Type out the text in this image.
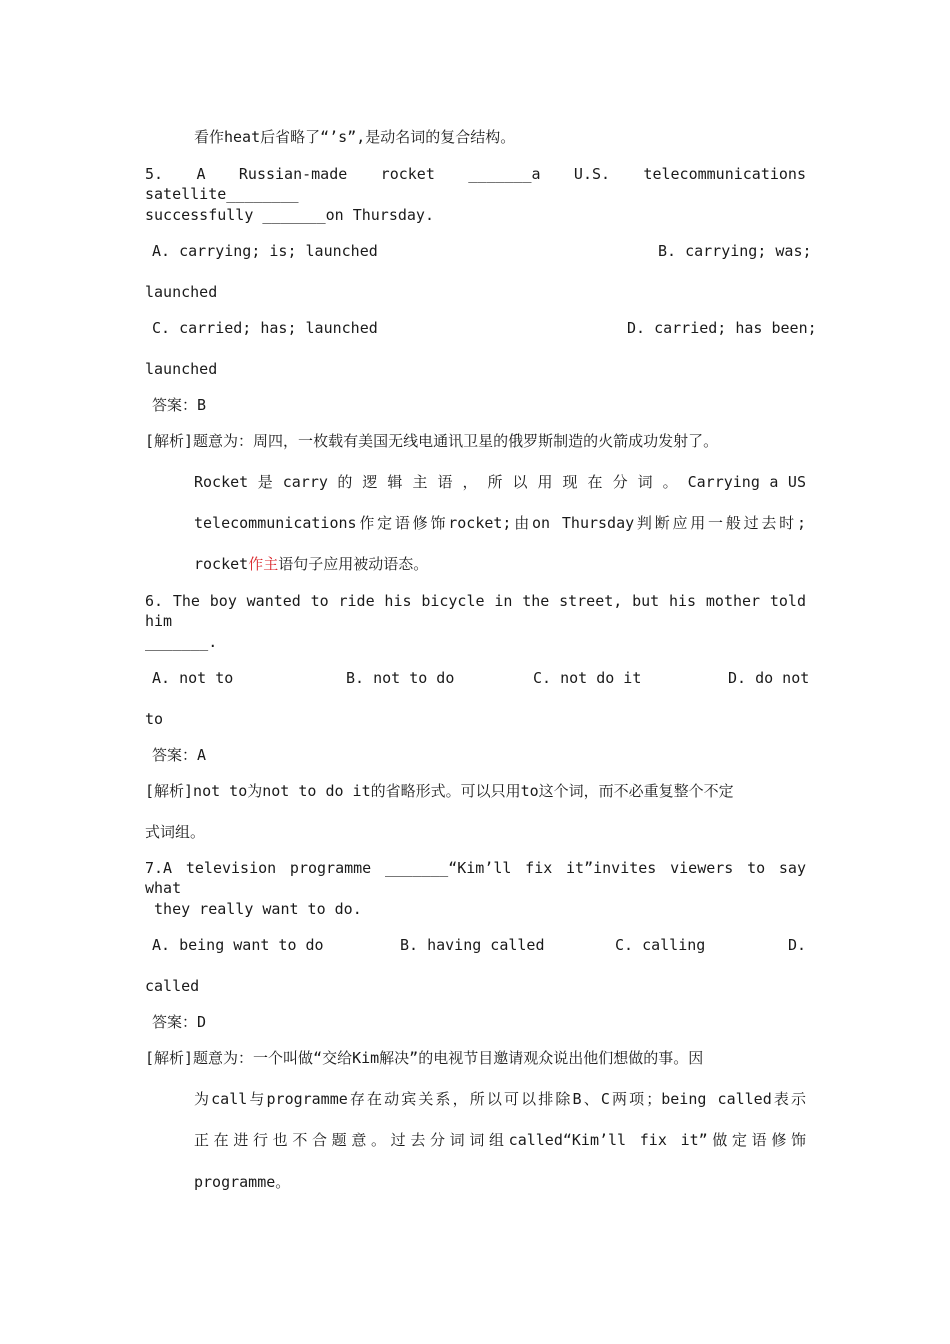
看作heat后省略了“’s”,是动名词的复合结构。
5. A Russian-made rocket _______a U.S. telecommunications satellite________
successfully _______on Thursday.
A. carrying; is; launched	B. carrying; was;
launched
C. carried; has; launched	D. carried; has been;
launched
答案：B
[解析]题意为：周四，一枚载有美国无线电通讯卫星的俄罗斯制造的火箭成功发射了。
Rocket 是 carry 的 逻 辑 主 语 ， 所 以 用 现 在 分 词 。 Carrying a US
telecommunications作定语修饰rocket;由on Thursday判断应用一般过去时;
rocket作主语句子应用被动语态。
6. The boy wanted to ride his bicycle in the street, but his mother told him
_______.
A. not to	B. not to do	C. not do it	D. do not
to
答案：A
[解析]not to为not to do it的省略形式。可以只用to这个词，而不必重复整个不定
式词组。
7.A television programme _______“Kim’ll fix it”invites viewers to say what
they really want to do.
A. being want to do	B. having called	C. calling	D.
called
答案：D
[解析]题意为：一个叫做“交给Kim解决”的电视节目邀请观众说出他们想做的事。因
为call与programme存在动宾关系，所以可以排除B、C两项；being called表示
正在进行也不合题意。过去分词词组called“Kim’ll fix it”做定语修饰
programme。
